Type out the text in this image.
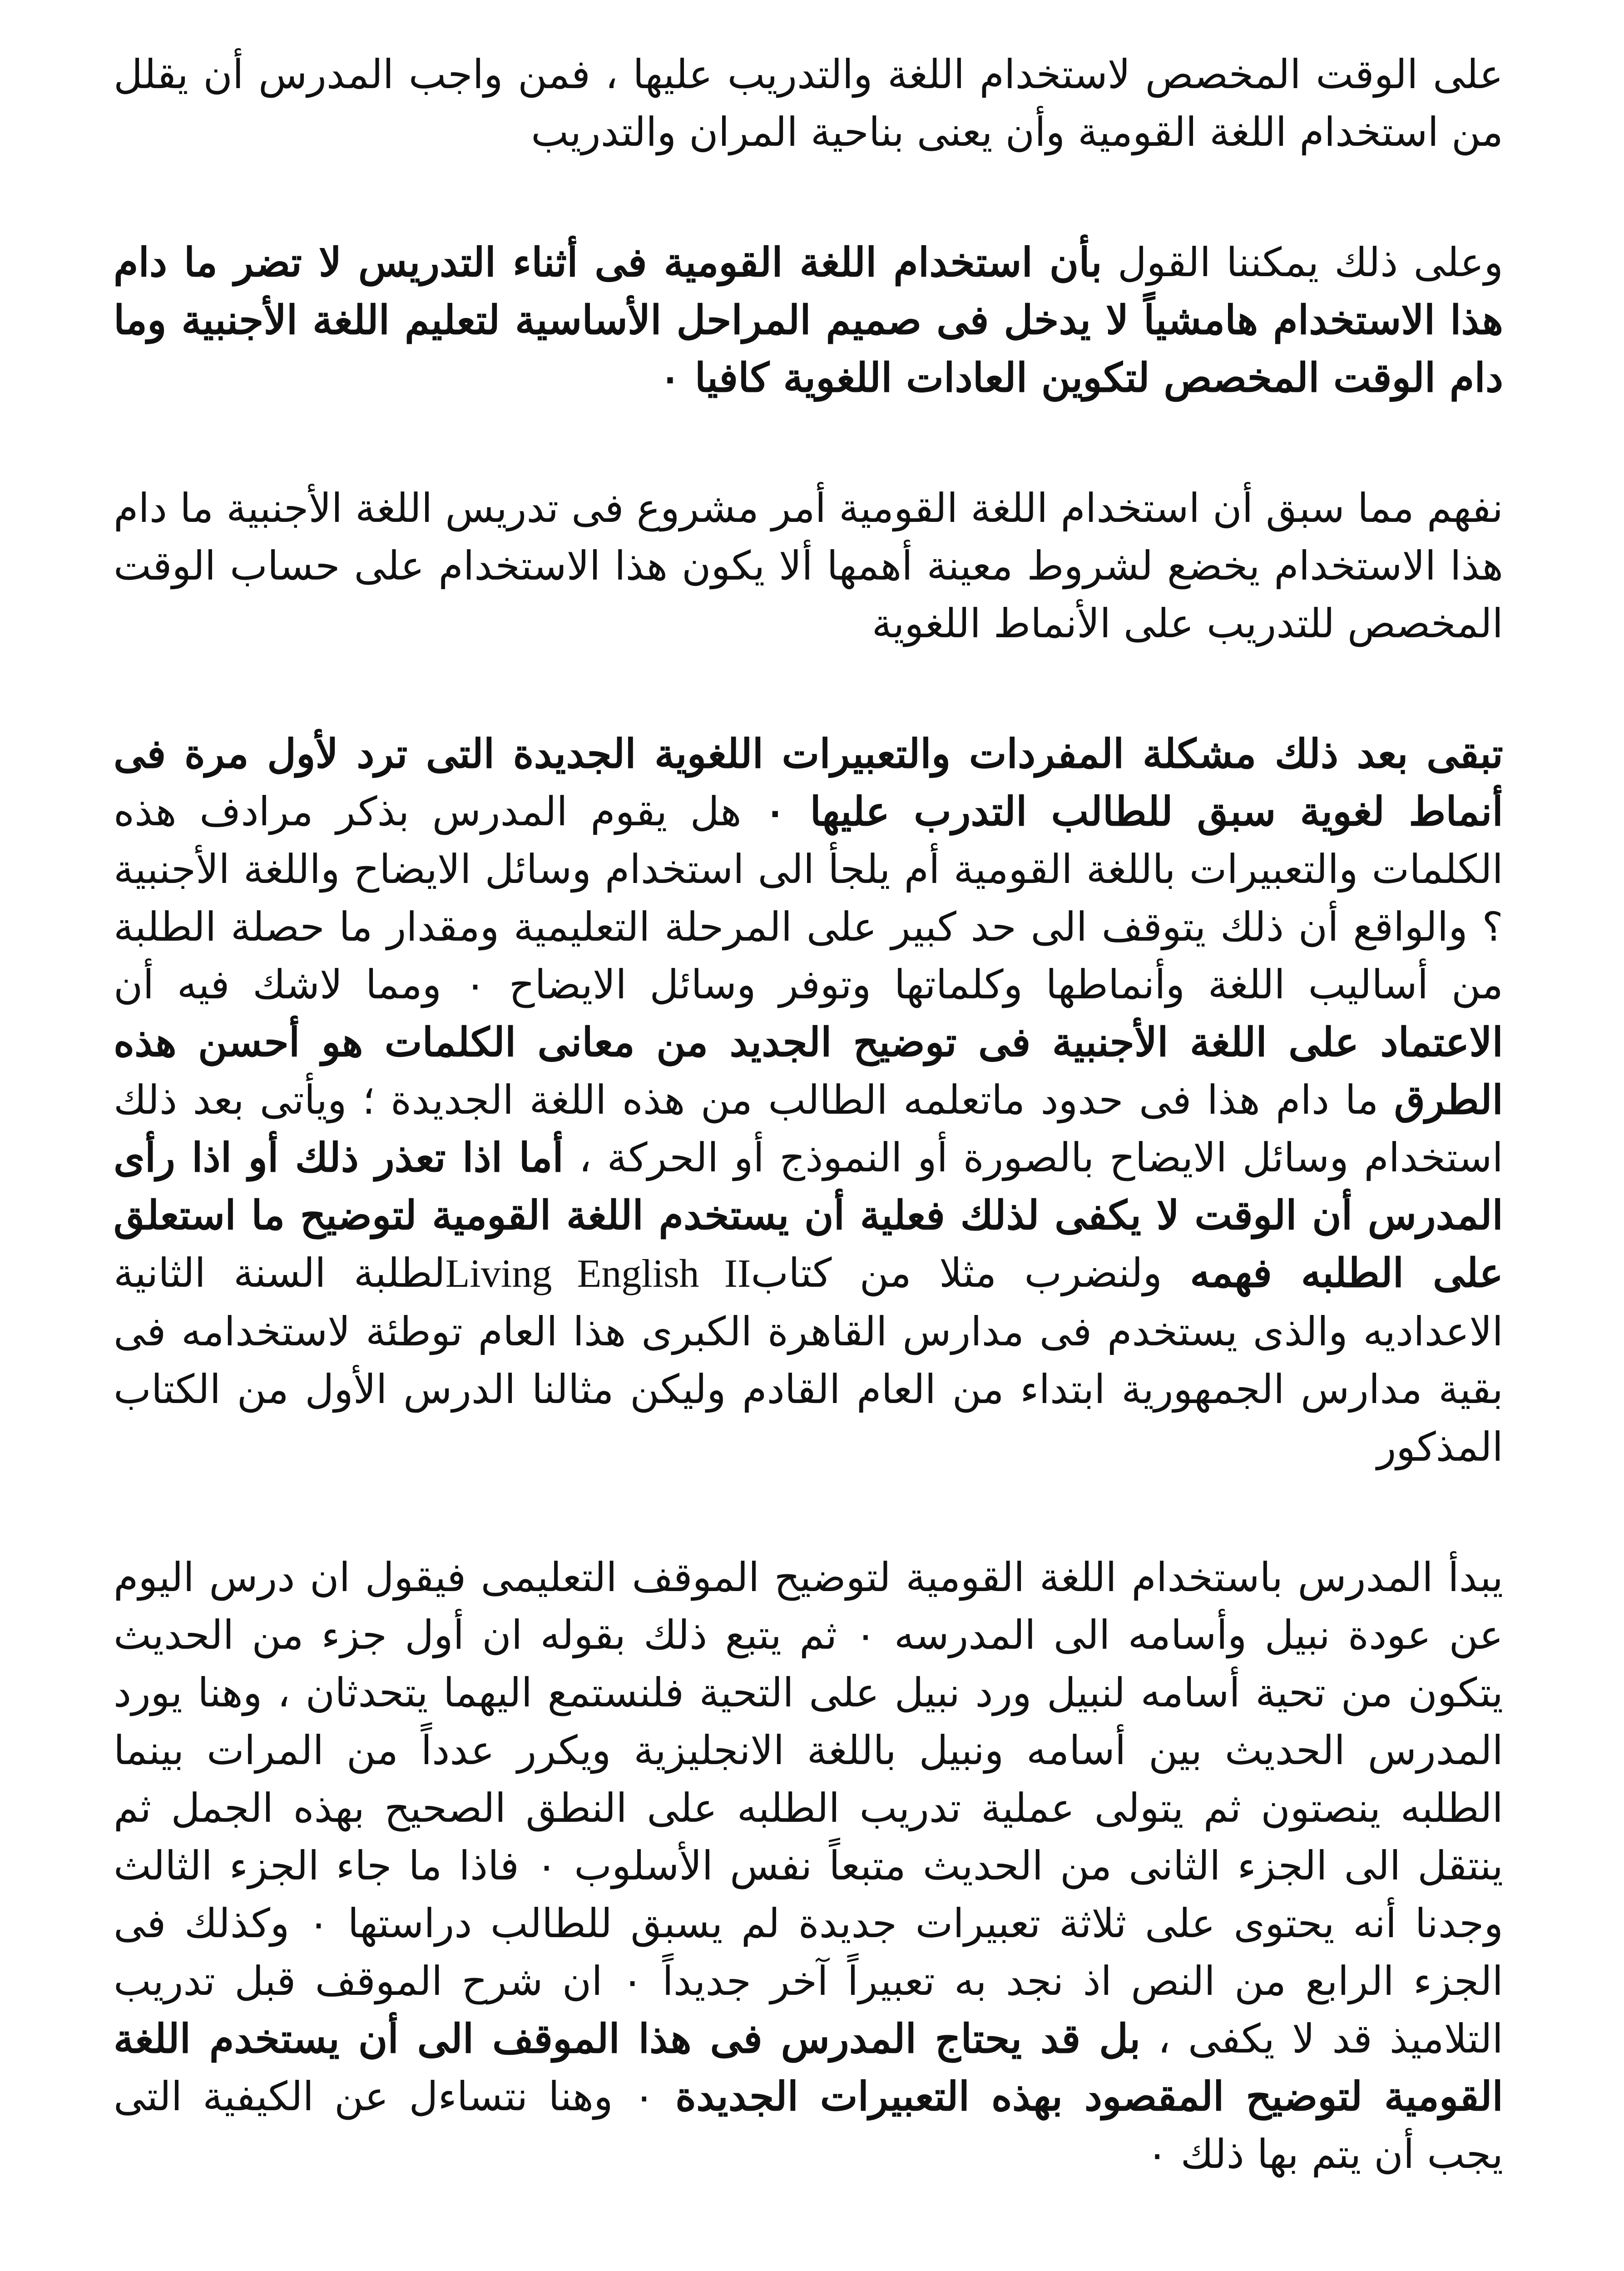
على الوقت المخصص لاستخدام اللغة والتدريب عليها ، فمن واجب المدرس أن يقلل من استخدام اللغة القومية وأن يعنى بناحية المران والتدريب

وعلى ذلك يمكننا القول بأن استخدام اللغة القومية فى أثناء التدريس لا تضر ما دام هذا الاستخدام هامشياً لا يدخل فى صميم المراحل الأساسية لتعليم اللغة الأجنبية وما دام الوقت المخصص لتكوين العادات اللغوية كافيا ٠

نفهم مما سبق أن استخدام اللغة القومية أمر مشروع فى تدريس اللغة الأجنبية ما دام هذا الاستخدام يخضع لشروط معينة أهمها ألا يكون هذا الاستخدام على حساب الوقت المخصص للتدريب على الأنماط اللغوية

تبقى بعد ذلك مشكلة المفردات والتعبيرات اللغوية الجديدة التى ترد لأول مرة فى أنماط لغوية سبق للطالب التدرب عليها ٠ هل يقوم المدرس بذكر مرادف هذه الكلمات والتعبيرات باللغة القومية أم يلجأ الى استخدام وسائل الايضاح واللغة الأجنبية ؟ والواقع أن ذلك يتوقف الى حد كبير على المرحلة التعليمية ومقدار ما حصلة الطلبة من أساليب اللغة وأنماطها وكلماتها وتوفر وسائل الايضاح ٠ ومما لاشك فيه أن الاعتماد على اللغة الأجنبية فى توضيح الجديد من معانى الكلمات هو أحسن هذه الطرق ما دام هذا فى حدود ماتعلمه الطالب من هذه اللغة الجديدة ؛ ويأتى بعد ذلك استخدام وسائل الايضاح بالصورة أو النموذج أو الحركة ، أما اذا تعذر ذلك أو اذا رأى المدرس أن الوقت لا يكفى لذلك فعلية أن يستخدم اللغة القومية لتوضيح ما استعلق على الطلبه فهمه ولنضرب مثلا من كتابLiving English IIلطلبة السنة الثانية الاعداديه والذى يستخدم فى مدارس القاهرة الكبرى هذا العام توطئة لاستخدامه فى بقية مدارس الجمهورية ابتداء من العام القادم وليكن مثالنا الدرس الأول من الكتاب المذكور

يبدأ المدرس باستخدام اللغة القومية لتوضيح الموقف التعليمى فيقول ان درس اليوم عن عودة نبيل وأسامه الى المدرسه ٠ ثم يتبع ذلك بقوله ان أول جزء من الحديث يتكون من تحية أسامه لنبيل ورد نبيل على التحية فلنستمع اليهما يتحدثان ، وهنا يورد المدرس الحديث بين أسامه ونبيل باللغة الانجليزية ويكرر عدداً من المرات بينما الطلبه ينصتون ثم يتولى عملية تدريب الطلبه على النطق الصحيح بهذه الجمل ثم ينتقل الى الجزء الثانى من الحديث متبعاً نفس الأسلوب ٠ فاذا ما جاء الجزء الثالث وجدنا أنه يحتوى على ثلاثة تعبيرات جديدة لم يسبق للطالب دراستها ٠ وكذلك فى الجزء الرابع من النص اذ نجد به تعبيراً آخر جديداً ٠ ان شرح الموقف قبل تدريب التلاميذ قد لا يكفى ، بل قد يحتاج المدرس فى هذا الموقف الى أن يستخدم اللغة القومية لتوضيح المقصود بهذه التعبيرات الجديدة ٠ وهنا نتساءل عن الكيفية التى يجب أن يتم بها ذلك ٠
